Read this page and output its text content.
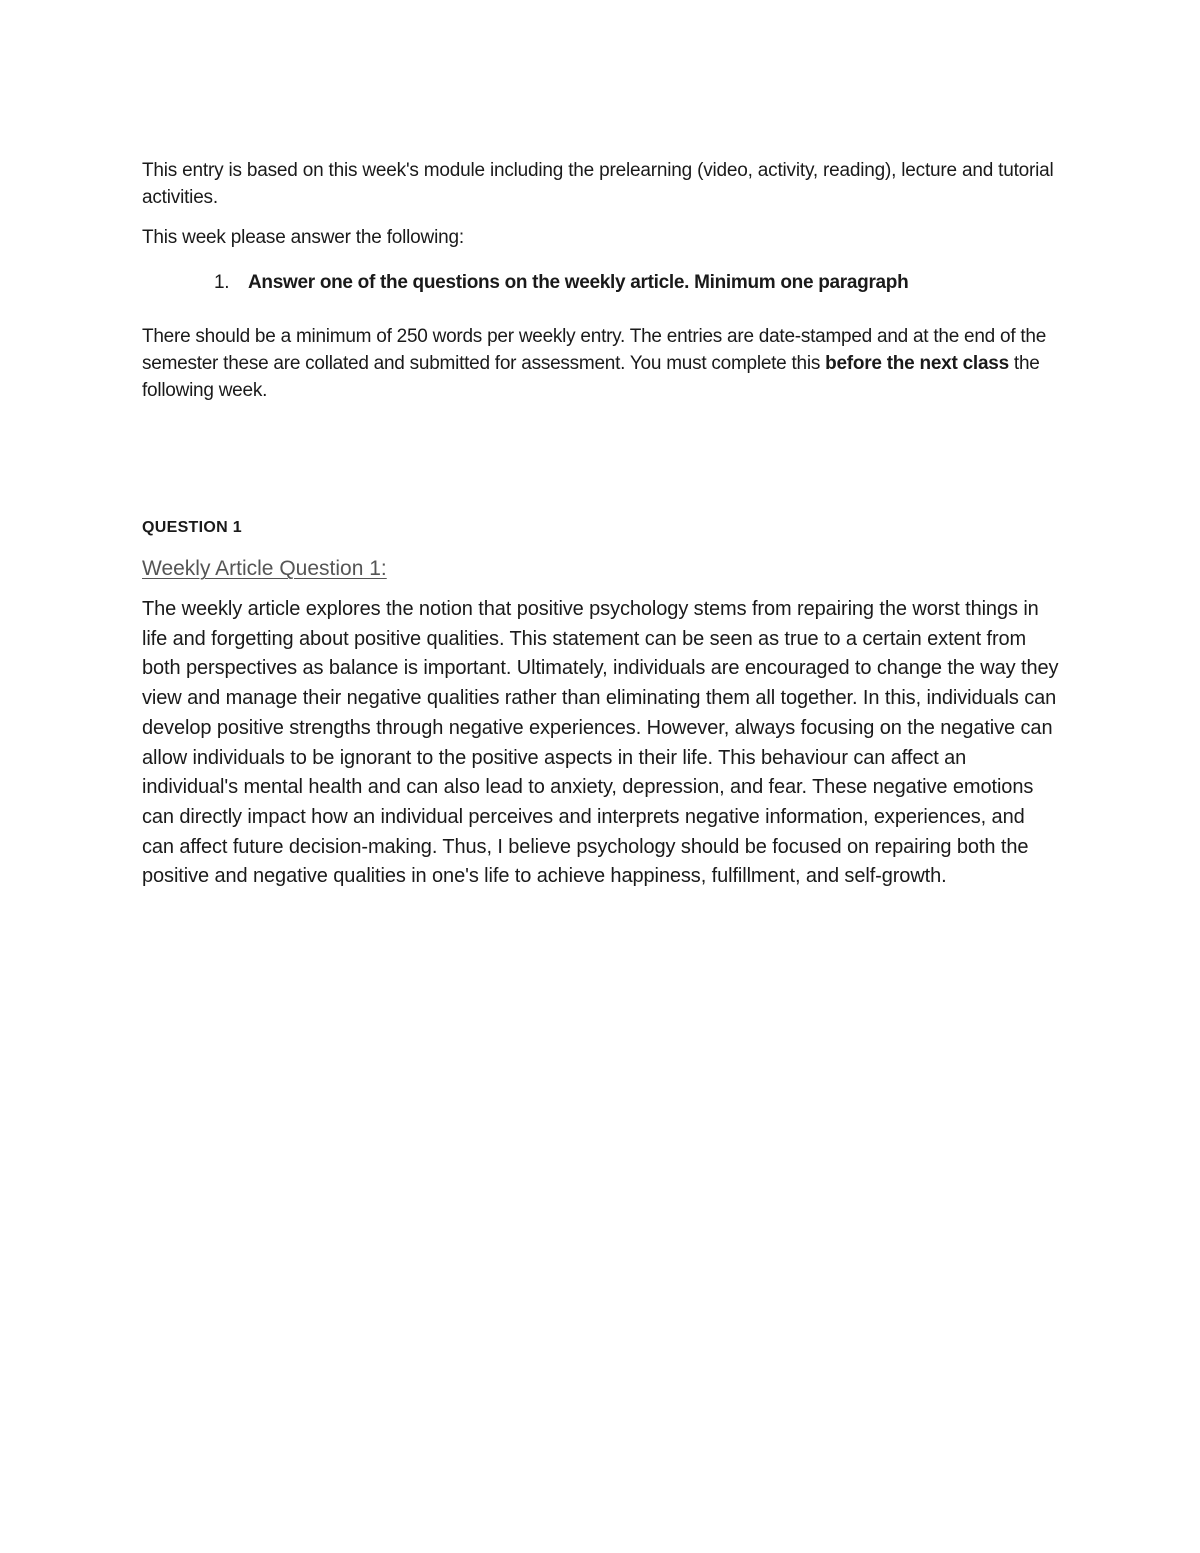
This entry is based on this week's module including the prelearning (video, activity, reading), lecture and tutorial activities.

This week please answer the following:

1. Answer one of the questions on the weekly article. Minimum one paragraph

There should be a minimum of 250 words per weekly entry. The entries are date-stamped and at the end of the semester these are collated and submitted for assessment. You must complete this before the next class the following week.

QUESTION 1

Weekly Article Question 1:

The weekly article explores the notion that positive psychology stems from repairing the worst things in life and forgetting about positive qualities. This statement can be seen as true to a certain extent from both perspectives as balance is important. Ultimately, individuals are encouraged to change the way they view and manage their negative qualities rather than eliminating them all together. In this, individuals can develop positive strengths through negative experiences. However, always focusing on the negative can allow individuals to be ignorant to the positive aspects in their life. This behaviour can affect an individual's mental health and can also lead to anxiety, depression, and fear. These negative emotions can directly impact how an individual perceives and interprets negative information, experiences, and can affect future decision-making. Thus, I believe psychology should be focused on repairing both the positive and negative qualities in one's life to achieve happiness, fulfillment, and self-growth.
